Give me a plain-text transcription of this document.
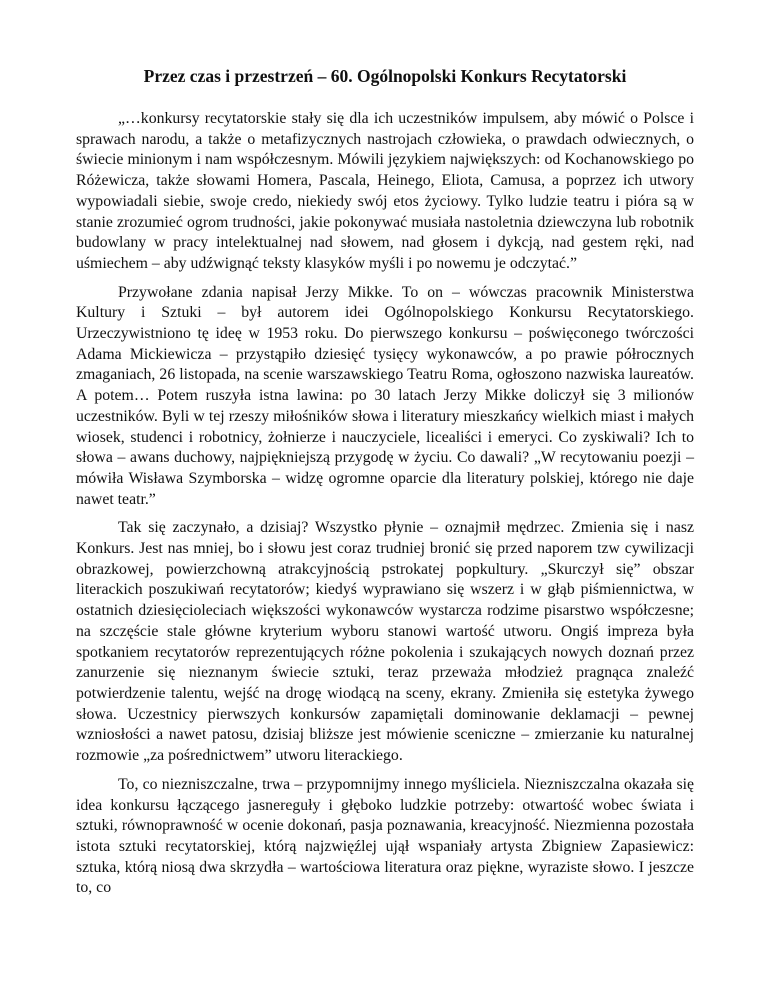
Przez czas i przestrzeń – 60. Ogólnopolski Konkurs Recytatorski

„…konkursy recytatorskie stały się dla ich uczestników impulsem, aby mówić o Polsce i sprawach narodu, a także o metafizycznych nastrojach człowieka, o prawdach odwiecznych, o świecie minionym i nam współczesnym. Mówili językiem największych: od Kochanowskiego po Różewicza, także słowami Homera, Pascala, Heinego, Eliota, Camusa, a poprzez ich utwory wypowiadali siebie, swoje credo, niekiedy swój etos życiowy. Tylko ludzie teatru i pióra są w stanie zrozumieć ogrom trudności, jakie pokonywać musiała nastoletnia dziewczyna lub robotnik budowlany w pracy intelektualnej nad słowem, nad głosem i dykcją, nad gestem ręki, nad uśmiechem – aby udźwignąć teksty klasyków myśli i po nowemu je odczytać.”

Przywołane zdania napisał Jerzy Mikke. To on – wówczas pracownik Ministerstwa Kultury i Sztuki – był autorem idei Ogólnopolskiego Konkursu Recytatorskiego. Urzeczywistniono tę ideę w 1953 roku. Do pierwszego konkursu – poświęconego twórczości Adama Mickiewicza – przystąpiło dziesięć tysięcy wykonawców, a po prawie półrocznych zmaganiach, 26 listopada, na scenie warszawskiego Teatru Roma, ogłoszono nazwiska laureatów. A potem… Potem ruszyła istna lawina: po 30 latach Jerzy Mikke doliczył się 3 milionów uczestników. Byli w tej rzeszy miłośników słowa i literatury mieszkańcy wielkich miast i małych wiosek, studenci i robotnicy, żołnierze i nauczyciele, licealiści i emeryci. Co zyskiwali? Ich to słowa – awans duchowy, najpiękniejszą przygodę w życiu. Co dawali? „W recytowaniu poezji – mówiła Wisława Szymborska – widzę ogromne oparcie dla literatury polskiej, którego nie daje nawet teatr.”

Tak się zaczynało, a dzisiaj? Wszystko płynie – oznajmił mędrzec. Zmienia się i nasz Konkurs. Jest nas mniej, bo i słowu jest coraz trudniej bronić się przed naporem tzw cywilizacji obrazkowej, powierzchowną atrakcyjnością pstrokatej popkultury. „Skurczył się” obszar literackich poszukiwań recytatorów; kiedyś wyprawiano się wszerz i w głąb piśmiennictwa, w ostatnich dziesięcioleciach większości wykonawców wystarcza rodzime pisarstwo współczesne; na szczęście stale główne kryterium wyboru stanowi wartość utworu. Ongiś impreza była spotkaniem recytatorów reprezentujących różne pokolenia i szukających nowych doznań przez zanurzenie się nieznanym świecie sztuki, teraz przeważa młodzież pragnąca znaleźć potwierdzenie talentu, wejść na drogę wiodącą na sceny, ekrany. Zmieniła się estetyka żywego słowa. Uczestnicy pierwszych konkursów zapamiętali dominowanie deklamacji – pewnej wzniosłości a nawet patosu, dzisiaj bliższe jest mówienie sceniczne – zmierzanie ku naturalnej rozmowie „za pośrednictwem” utworu literackiego.

To, co niezniszczalne, trwa – przypomnijmy innego myśliciela. Niezniszczalna okazała się idea konkursu łączącego jasnereguły i głęboko ludzkie potrzeby: otwartość wobec świata i sztuki, równoprawność w ocenie dokonań, pasja poznawania, kreacyjność. Niezmienna pozostała istota sztuki recytatorskiej, którą najzwięźlej ujął wspaniały artysta Zbigniew Zapasiewicz: sztuka, którą niosą dwa skrzydła – wartościowa literatura oraz piękne, wyraziste słowo. I jeszcze to, co
